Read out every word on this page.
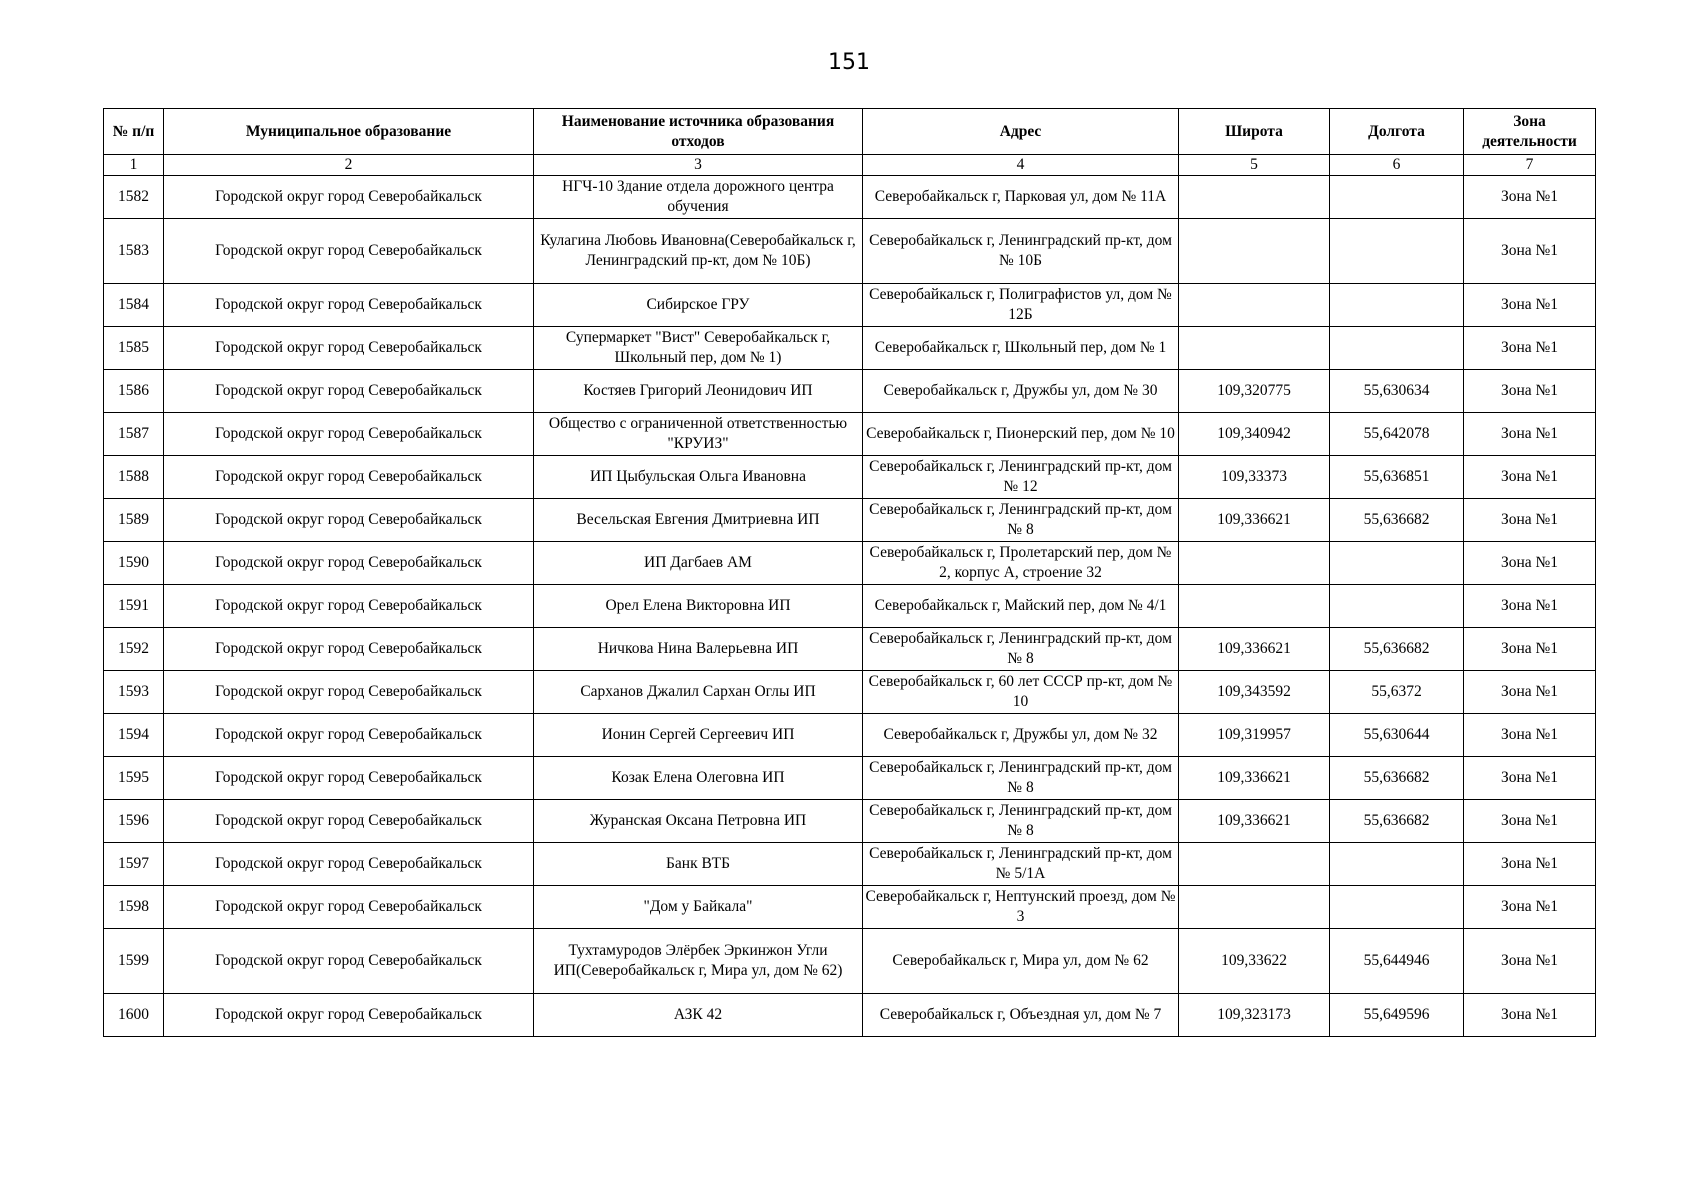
151
№ п/п	Муниципальное образование	Наименование источника образования отходов	Адрес	Широта	Долгота	Зона деятельности
1	2	3	4	5	6	7
1582	Городской округ город Северобайкальск	НГЧ-10 Здание отдела дорожного центра обучения	Северобайкальск г, Парковая ул, дом № 11А			Зона №1
1583	Городской округ город Северобайкальск	Кулагина Любовь Ивановна(Северобайкальск г, Ленинградский пр-кт, дом № 10Б)	Северобайкальск г, Ленинградский пр-кт, дом № 10Б			Зона №1
1584	Городской округ город Северобайкальск	Сибирское ГРУ	Северобайкальск г, Полиграфистов ул, дом № 12Б			Зона №1
1585	Городской округ город Северобайкальск	Супермаркет "Вист" Северобайкальск г, Школьный пер, дом № 1)	Северобайкальск г, Школьный пер, дом № 1			Зона №1
1586	Городской округ город Северобайкальск	Костяев Григорий Леонидович ИП	Северобайкальск г, Дружбы ул, дом № 30	109,320775	55,630634	Зона №1
1587	Городской округ город Северобайкальск	Общество с ограниченной ответственностью "КРУИЗ"	Северобайкальск г, Пионерский пер, дом № 10	109,340942	55,642078	Зона №1
1588	Городской округ город Северобайкальск	ИП Цыбульская Ольга Ивановна	Северобайкальск г, Ленинградский пр-кт, дом № 12	109,33373	55,636851	Зона №1
1589	Городской округ город Северобайкальск	Весельская Евгения Дмитриевна ИП	Северобайкальск г, Ленинградский пр-кт, дом № 8	109,336621	55,636682	Зона №1
1590	Городской округ город Северобайкальск	ИП Дагбаев АМ	Северобайкальск г, Пролетарский пер, дом № 2, корпус А, строение 32			Зона №1
1591	Городской округ город Северобайкальск	Орел Елена Викторовна ИП	Северобайкальск г, Майский пер, дом № 4/1			Зона №1
1592	Городской округ город Северобайкальск	Ничкова Нина Валерьевна ИП	Северобайкальск г, Ленинградский пр-кт, дом № 8	109,336621	55,636682	Зона №1
1593	Городской округ город Северобайкальск	Сарханов Джалил Сархан Оглы ИП	Северобайкальск г, 60 лет СССР пр-кт, дом № 10	109,343592	55,6372	Зона №1
1594	Городской округ город Северобайкальск	Ионин Сергей Сергеевич ИП	Северобайкальск г, Дружбы ул, дом № 32	109,319957	55,630644	Зона №1
1595	Городской округ город Северобайкальск	Козак Елена Олеговна ИП	Северобайкальск г, Ленинградский пр-кт, дом № 8	109,336621	55,636682	Зона №1
1596	Городской округ город Северобайкальск	Журанская Оксана Петровна ИП	Северобайкальск г, Ленинградский пр-кт, дом № 8	109,336621	55,636682	Зона №1
1597	Городской округ город Северобайкальск	Банк ВТБ	Северобайкальск г, Ленинградский пр-кт, дом № 5/1А			Зона №1
1598	Городской округ город Северобайкальск	"Дом у Байкала"	Северобайкальск г, Нептунский проезд, дом № 3			Зона №1
1599	Городской округ город Северобайкальск	Тухтамуродов Элёрбек Эркинжон Угли ИП(Северобайкальск г, Мира ул, дом № 62)	Северобайкальск г, Мира ул, дом № 62	109,33622	55,644946	Зона №1
1600	Городской округ город Северобайкальск	АЗК 42	Северобайкальск г, Объездная ул, дом № 7	109,323173	55,649596	Зона №1
